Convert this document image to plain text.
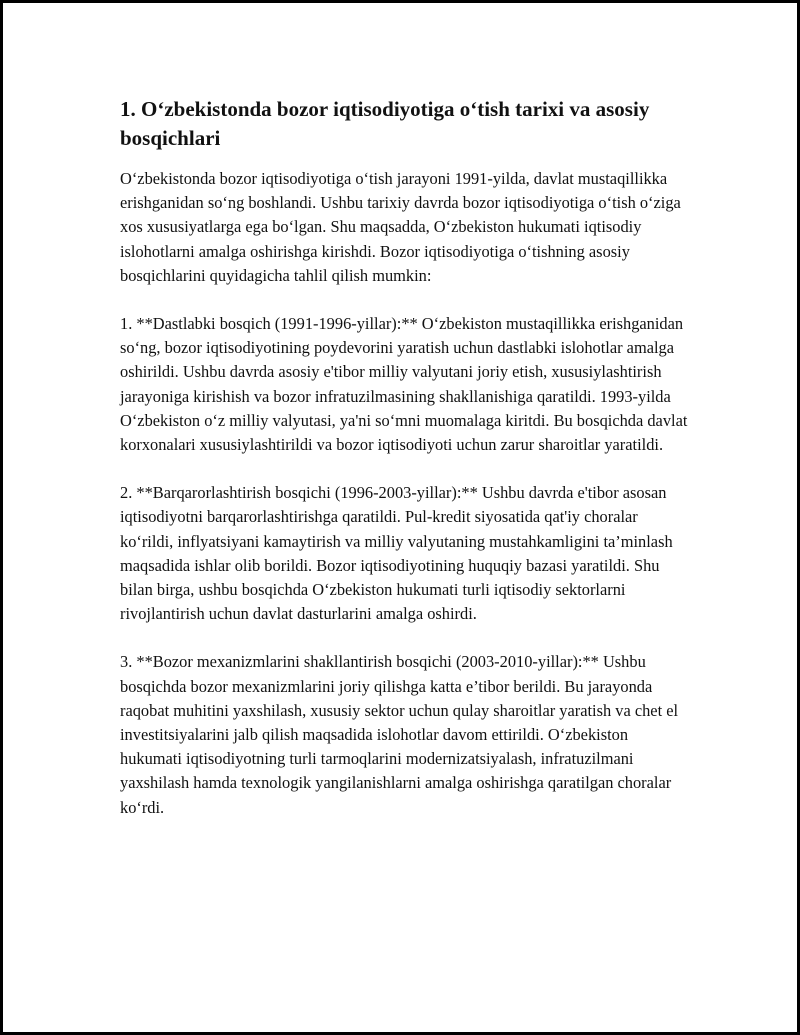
1. O‘zbekistonda bozor iqtisodiyotiga o‘tish tarixi va asosiy bosqichlari

O‘zbekistonda bozor iqtisodiyotiga o‘tish jarayoni 1991-yilda, davlat mustaqillikka erishganidan so‘ng boshlandi. Ushbu tarixiy davrda bozor iqtisodiyotiga o‘tish o‘ziga xos xususiyatlarga ega bo‘lgan. Shu maqsadda, O‘zbekiston hukumati iqtisodiy islohotlarni amalga oshirishga kirishdi. Bozor iqtisodiyotiga o‘tishning asosiy bosqichlarini quyidagicha tahlil qilish mumkin:

1. **Dastlabki bosqich (1991-1996-yillar):** O‘zbekiston mustaqillikka erishganidan so‘ng, bozor iqtisodiyotining poydevorini yaratish uchun dastlabki islohotlar amalga oshirildi. Ushbu davrda asosiy e'tibor milliy valyutani joriy etish, xususiylashtirish jarayoniga kirishish va bozor infratuzilmasining shakllanishiga qaratildi. 1993-yilda O‘zbekiston o‘z milliy valyutasi, ya'ni so‘mni muomalaga kiritdi. Bu bosqichda davlat korxonalari xususiylashtirildi va bozor iqtisodiyoti uchun zarur sharoitlar yaratildi.

2. **Barqarorlashtirish bosqichi (1996-2003-yillar):** Ushbu davrda e'tibor asosan iqtisodiyotni barqarorlashtirishga qaratildi. Pul-kredit siyosatida qat'iy choralar ko‘rildi, inflyatsiyani kamaytirish va milliy valyutaning mustahkamligini ta’minlash maqsadida ishlar olib borildi. Bozor iqtisodiyotining huquqiy bazasi yaratildi. Shu bilan birga, ushbu bosqichda O‘zbekiston hukumati turli iqtisodiy sektorlarni rivojlantirish uchun davlat dasturlarini amalga oshirdi.

3. **Bozor mexanizmlarini shakllantirish bosqichi (2003-2010-yillar):** Ushbu bosqichda bozor mexanizmlarini joriy qilishga katta e’tibor berildi. Bu jarayonda raqobat muhitini yaxshilash, xususiy sektor uchun qulay sharoitlar yaratish va chet el investitsiyalarini jalb qilish maqsadida islohotlar davom ettirildi. O‘zbekiston hukumati iqtisodiyotning turli tarmoqlarini modernizatsiyalash, infratuzilmani yaxshilash hamda texnologik yangilanishlarni amalga oshirishga qaratilgan choralar ko‘rdi.
